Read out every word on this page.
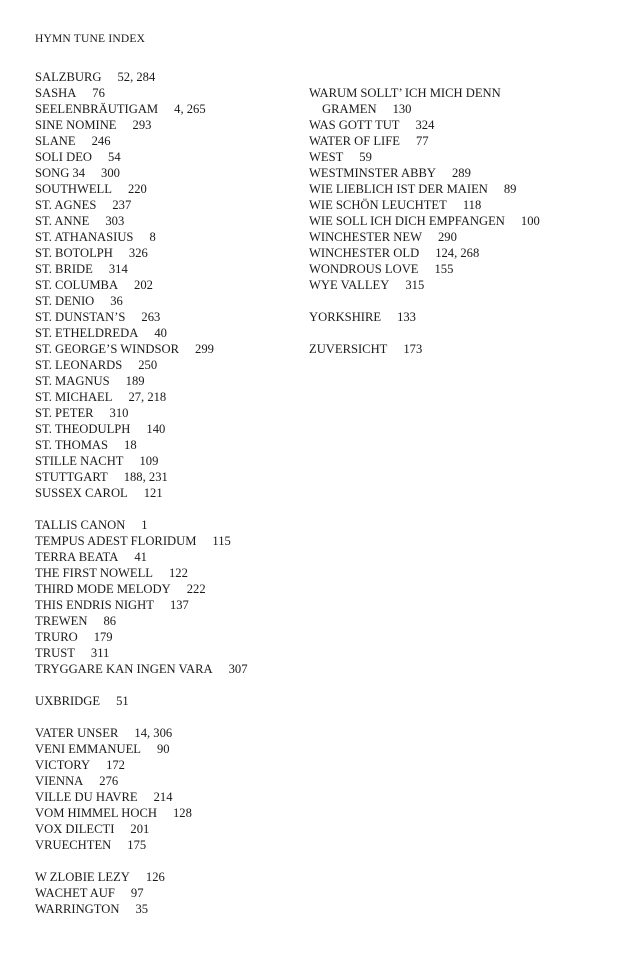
HYMN TUNE INDEX
SALZBURG 52, 284
SASHA 76
SEELENBRÄUTIGAM 4, 265
SINE NOMINE 293
SLANE 246
SOLI DEO 54
SONG 34 300
SOUTHWELL 220
ST. AGNES 237
ST. ANNE 303
ST. ATHANASIUS 8
ST. BOTOLPH 326
ST. BRIDE 314
ST. COLUMBA 202
ST. DENIO 36
ST. DUNSTAN’S 263
ST. ETHELDREDA 40
ST. GEORGE’S WINDSOR 299
ST. LEONARDS 250
ST. MAGNUS 189
ST. MICHAEL 27, 218
ST. PETER 310
ST. THEODULPH 140
ST. THOMAS 18
STILLE NACHT 109
STUTTGART 188, 231
SUSSEX CAROL 121
TALLIS CANON 1
TEMPUS ADEST FLORIDUM 115
TERRA BEATA 41
THE FIRST NOWELL 122
THIRD MODE MELODY 222
THIS ENDRIS NIGHT 137
TREWEN 86
TRURO 179
TRUST 311
TRYGGARE KAN INGEN VARA 307
UXBRIDGE 51
VATER UNSER 14, 306
VENI EMMANUEL 90
VICTORY 172
VIENNA 276
VILLE DU HAVRE 214
VOM HIMMEL HOCH 128
VOX DILECTI 201
VRUECHTEN 175
W ZLOBIE LEZY 126
WACHET AUF 97
WARRINGTON 35
WARUM SOLLT’ ICH MICH DENN
GRAMEN 130
WAS GOTT TUT 324
WATER OF LIFE 77
WEST 59
WESTMINSTER ABBY 289
WIE LIEBLICH IST DER MAIEN 89
WIE SCHÖN LEUCHTET 118
WIE SOLL ICH DICH EMPFANGEN 100
WINCHESTER NEW 290
WINCHESTER OLD 124, 268
WONDROUS LOVE 155
WYE VALLEY 315
YORKSHIRE 133
ZUVERSICHT 173
